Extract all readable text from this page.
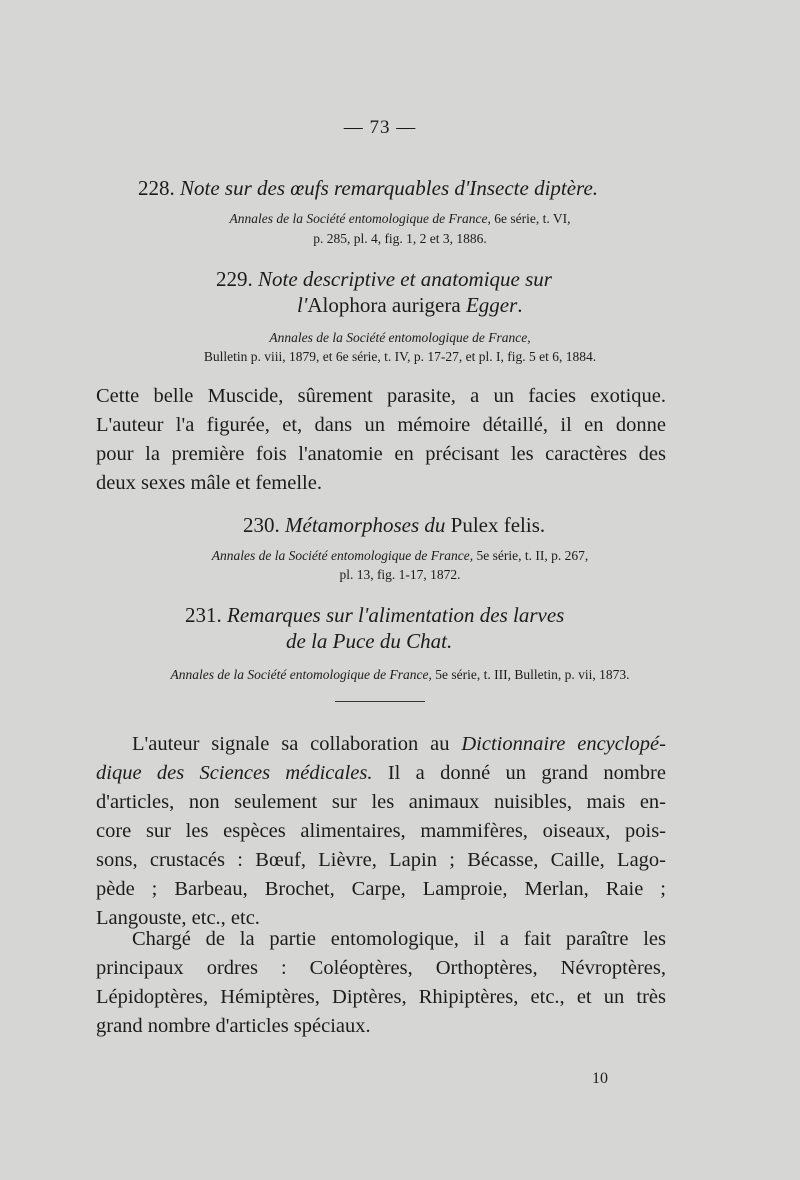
— 73 —
228. Note sur des œufs remarquables d'Insecte diptère.
Annales de la Société entomologique de France, 6e série, t. VI,
p. 285, pl. 4, fig. 1, 2 et 3, 1886.
229. Note descriptive et anatomique sur
l'Alophora aurigera Egger.
Annales de la Société entomologique de France,
Bulletin p. viii, 1879, et 6e série, t. IV, p. 17-27, et pl. I, fig. 5 et 6, 1884.
Cette belle Muscide, sûrement parasite, a un facies exotique.
L'auteur l'a figurée, et, dans un mémoire détaillé, il en donne
pour la première fois l'anatomie en précisant les caractères des
deux sexes mâle et femelle.
230. Métamorphoses du Pulex felis.
Annales de la Société entomologique de France, 5e série, t. II, p. 267,
pl. 13, fig. 1-17, 1872.
231. Remarques sur l'alimentation des larves
de la Puce du Chat.
Annales de la Société entomologique de France, 5e série, t. III, Bulletin, p. vii, 1873.
L'auteur signale sa collaboration au Dictionnaire encyclopé-
dique des Sciences médicales. Il a donné un grand nombre
d'articles, non seulement sur les animaux nuisibles, mais en-
core sur les espèces alimentaires, mammifères, oiseaux, pois-
sons, crustacés : Bœuf, Lièvre, Lapin ; Bécasse, Caille, Lago-
pède ; Barbeau, Brochet, Carpe, Lamproie, Merlan, Raie ;
Langouste, etc., etc.
Chargé de la partie entomologique, il a fait paraître les
principaux ordres : Coléoptères, Orthoptères, Névroptères,
Lépidoptères, Hémiptères, Diptères, Rhipiptères, etc., et un très
grand nombre d'articles spéciaux.
10
